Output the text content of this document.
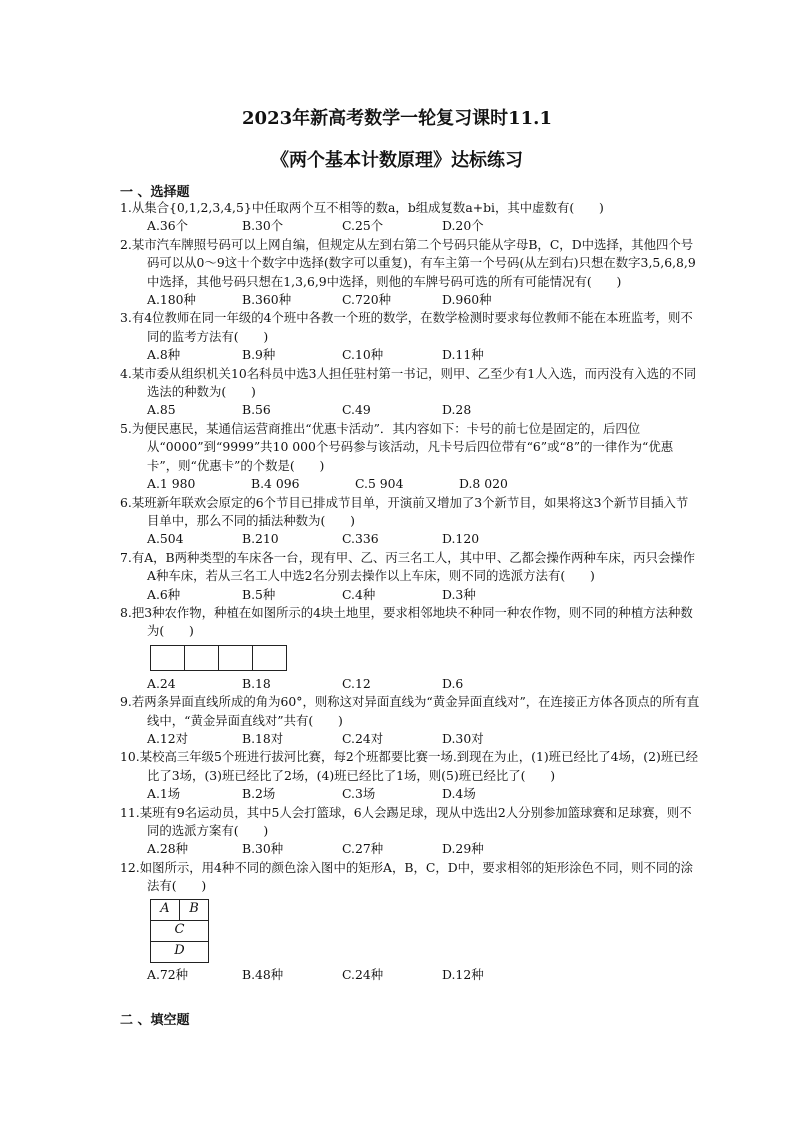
2023年新高考数学一轮复习课时11.1
《两个基本计数原理》达标练习
一 、选择题
1.从集合{0,1,2,3,4,5}中任取两个互不相等的数a，b组成复数a+bi，其中虚数有(　　)
A.36个	B.30个	C.25个	D.20个
2.某市汽车牌照号码可以上网自编，但规定从左到右第二个号码只能从字母B，C，D中选择，其他四个号码可以从0～9这十个数字中选择(数字可以重复)，有车主第一个号码(从左到右)只想在数字3,5,6,8,9中选择，其他号码只想在1,3,6,9中选择，则他的车牌号码可选的所有可能情况有(　　)
A.180种	B.360种	C.720种	D.960种
3.有4位教师在同一年级的4个班中各教一个班的数学，在数学检测时要求每位教师不能在本班监考，则不同的监考方法有(　　)
A.8种	B.9种	C.10种	D.11种
4.某市委从组织机关10名科员中选3人担任驻村第一书记，则甲、乙至少有1人入选，而丙没有入选的不同选法的种数为(　　)
A.85	B.56	C.49	D.28
5.为便民惠民，某通信运营商推出“优惠卡活动”．其内容如下：卡号的前七位是固定的，后四位从“0000”到“9999”共10 000个号码参与该活动，凡卡号后四位带有“6”或“8”的一律作为“优惠卡”，则“优惠卡”的个数是(　　)
A.1 980	B.4 096	C.5 904	D.8 020
6.某班新年联欢会原定的6个节目已排成节目单，开演前又增加了3个新节目，如果将这3个新节目插入节目单中，那么不同的插法种数为(　　)
A.504	B.210	C.336	D.120
7.有A，B两种类型的车床各一台，现有甲、乙、丙三名工人，其中甲、乙都会操作两种车床，丙只会操作A种车床，若从三名工人中选2名分别去操作以上车床，则不同的选派方法有(　　)
A.6种	B.5种	C.4种	D.3种
8.把3种农作物，种植在如图所示的4块土地里，要求相邻地块不种同一种农作物，则不同的种植方法种数为(　　)
A.24	B.18	C.12	D.6
9.若两条异面直线所成的角为60°，则称这对异面直线为“黄金异面直线对”，在连接正方体各顶点的所有直线中，“黄金异面直线对”共有(　　)
A.12对	B.18对	C.24对	D.30对
10.某校高三年级5个班进行拔河比赛，每2个班都要比赛一场.到现在为止，(1)班已经比了4场，(2)班已经比了3场，(3)班已经比了2场，(4)班已经比了1场，则(5)班已经比了(　　)
A.1场	B.2场	C.3场	D.4场
11.某班有9名运动员，其中5人会打篮球，6人会踢足球，现从中选出2人分别参加篮球赛和足球赛，则不同的选派方案有(　　)
A.28种	B.30种	C.27种	D.29种
12.如图所示，用4种不同的颜色涂入图中的矩形A，B，C，D中，要求相邻的矩形涂色不同，则不同的涂法有(　　)
A	B
C
D
A.72种	B.48种	C.24种	D.12种
二 、填空题
